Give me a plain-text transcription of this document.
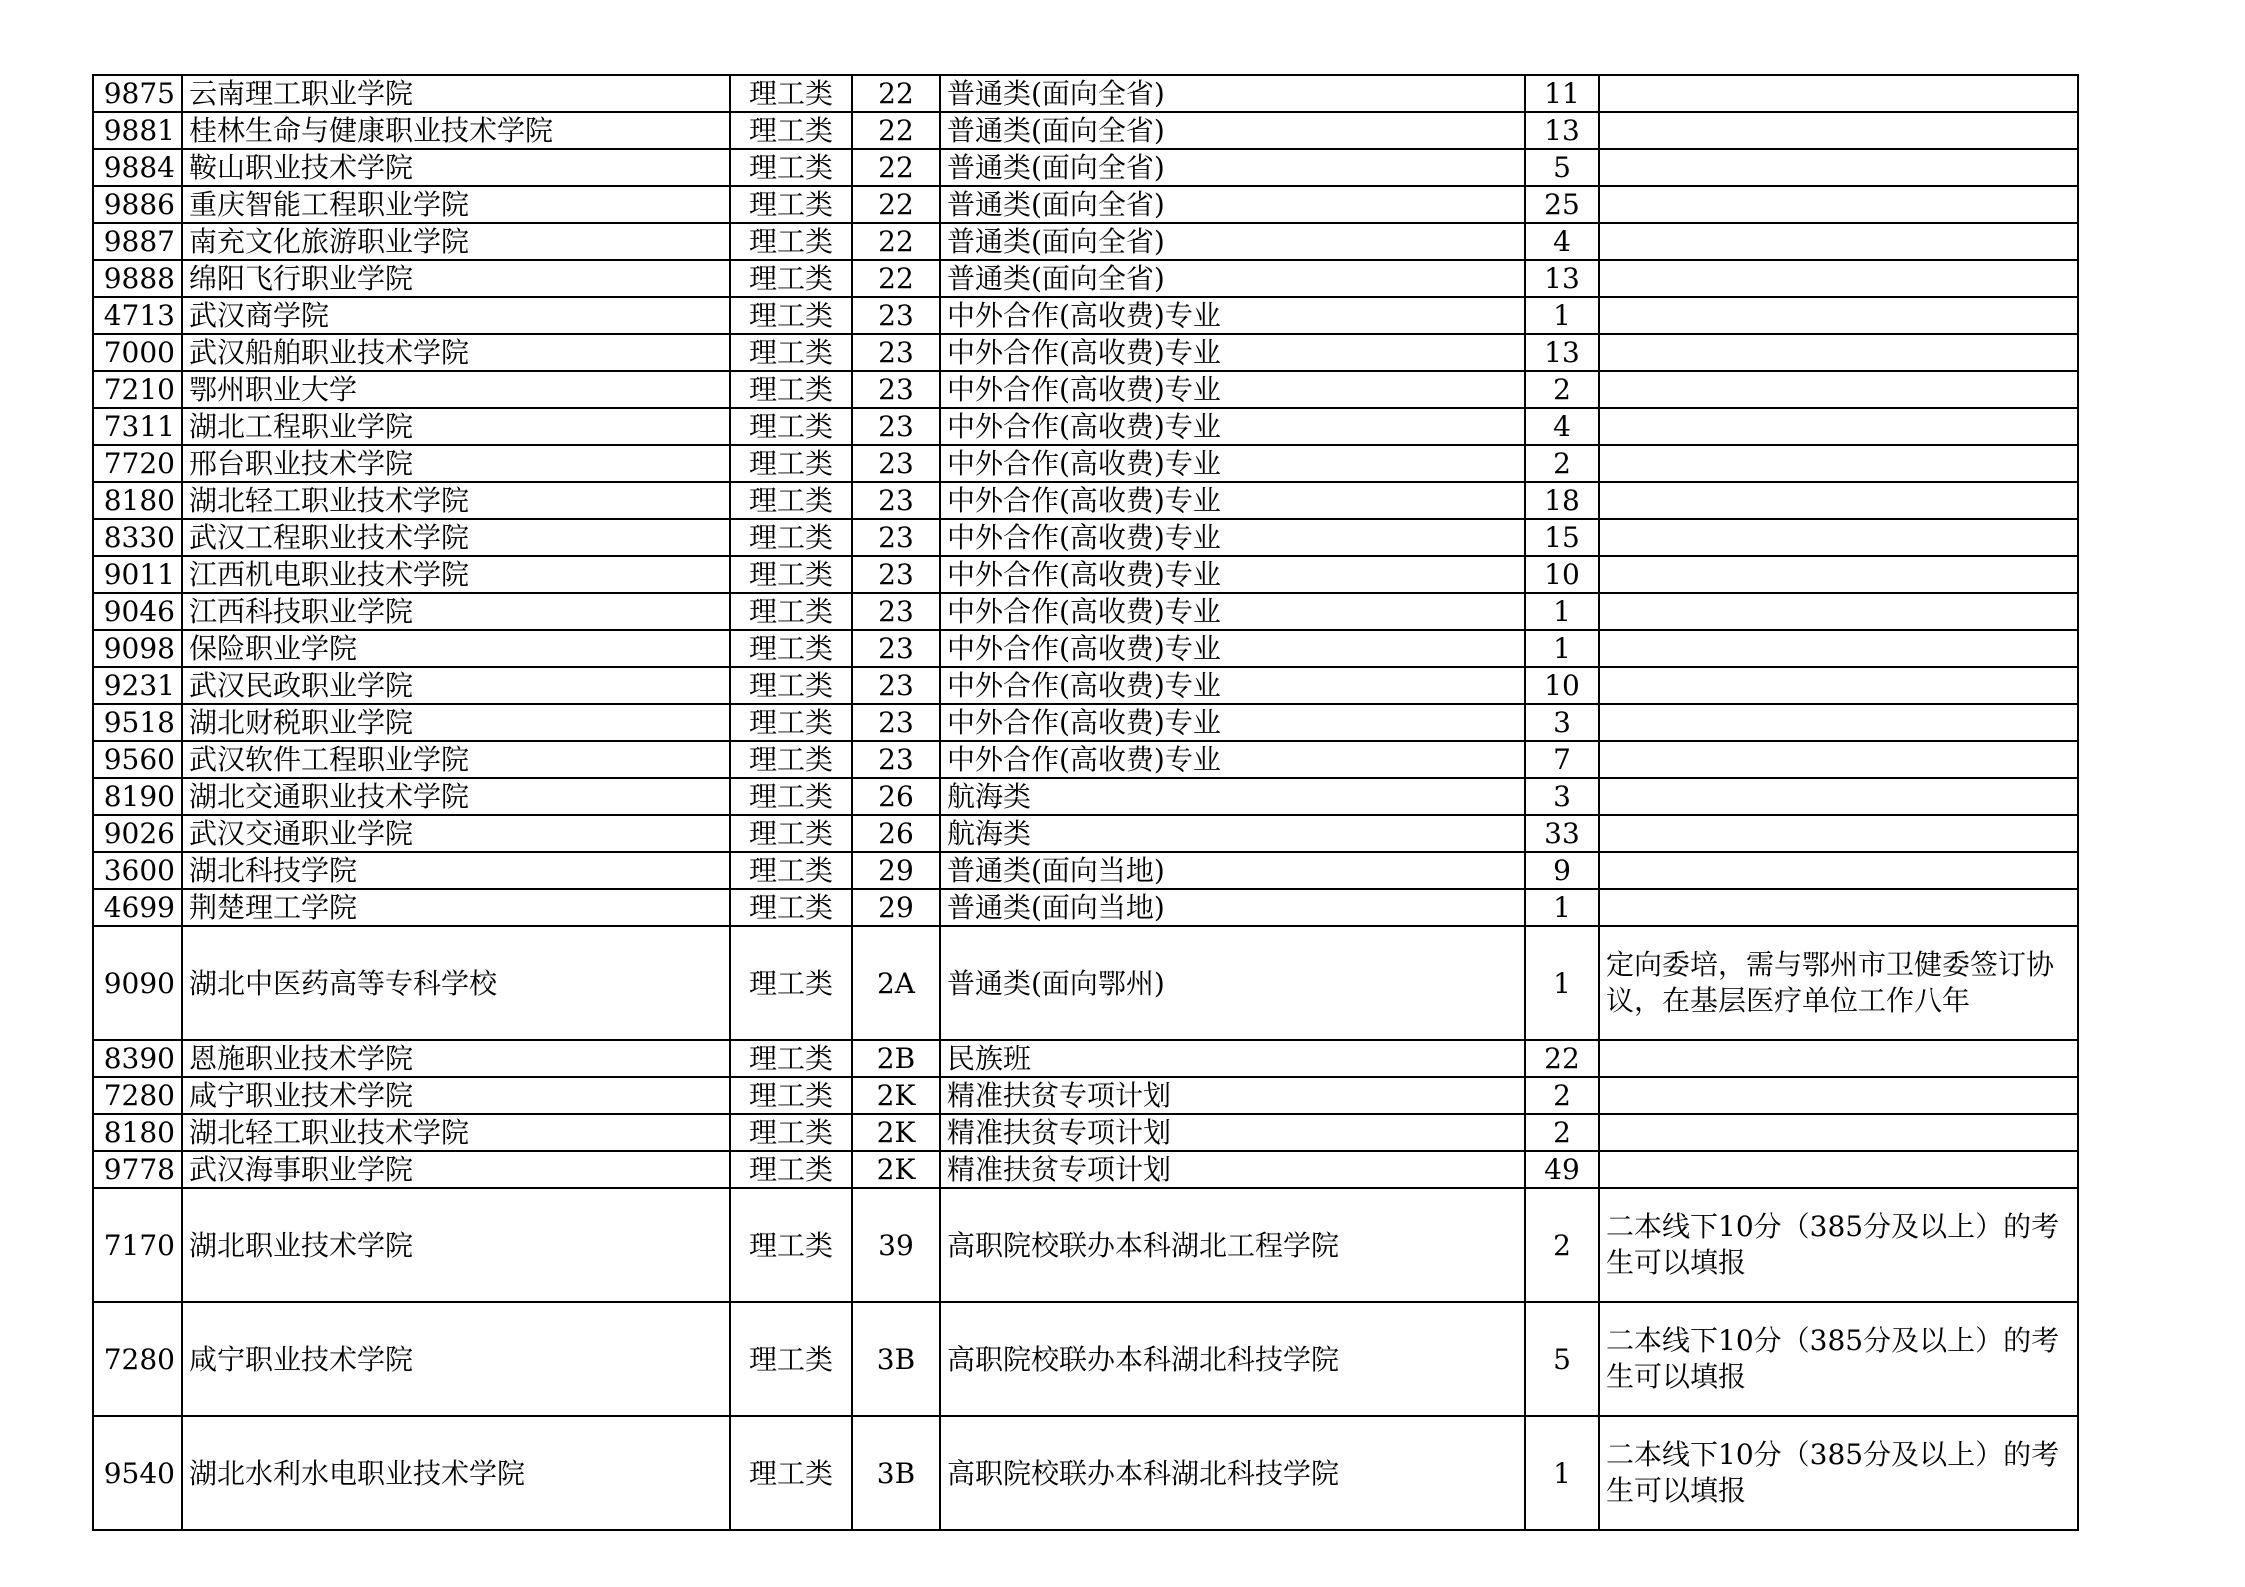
9875	云南理工职业学院	理工类	22	普通类(面向全省)	11	
9881	桂林生命与健康职业技术学院	理工类	22	普通类(面向全省)	13	
9884	鞍山职业技术学院	理工类	22	普通类(面向全省)	5	
9886	重庆智能工程职业学院	理工类	22	普通类(面向全省)	25	
9887	南充文化旅游职业学院	理工类	22	普通类(面向全省)	4	
9888	绵阳飞行职业学院	理工类	22	普通类(面向全省)	13	
4713	武汉商学院	理工类	23	中外合作(高收费)专业	1	
7000	武汉船舶职业技术学院	理工类	23	中外合作(高收费)专业	13	
7210	鄂州职业大学	理工类	23	中外合作(高收费)专业	2	
7311	湖北工程职业学院	理工类	23	中外合作(高收费)专业	4	
7720	邢台职业技术学院	理工类	23	中外合作(高收费)专业	2	
8180	湖北轻工职业技术学院	理工类	23	中外合作(高收费)专业	18	
8330	武汉工程职业技术学院	理工类	23	中外合作(高收费)专业	15	
9011	江西机电职业技术学院	理工类	23	中外合作(高收费)专业	10	
9046	江西科技职业学院	理工类	23	中外合作(高收费)专业	1	
9098	保险职业学院	理工类	23	中外合作(高收费)专业	1	
9231	武汉民政职业学院	理工类	23	中外合作(高收费)专业	10	
9518	湖北财税职业学院	理工类	23	中外合作(高收费)专业	3	
9560	武汉软件工程职业学院	理工类	23	中外合作(高收费)专业	7	
8190	湖北交通职业技术学院	理工类	26	航海类	3	
9026	武汉交通职业学院	理工类	26	航海类	33	
3600	湖北科技学院	理工类	29	普通类(面向当地)	9	
4699	荆楚理工学院	理工类	29	普通类(面向当地)	1	
9090	湖北中医药高等专科学校	理工类	2A	普通类(面向鄂州)	1	定向委培，需与鄂州市卫健委签订协议，在基层医疗单位工作八年
8390	恩施职业技术学院	理工类	2B	民族班	22	
7280	咸宁职业技术学院	理工类	2K	精准扶贫专项计划	2	
8180	湖北轻工职业技术学院	理工类	2K	精准扶贫专项计划	2	
9778	武汉海事职业学院	理工类	2K	精准扶贫专项计划	49	
7170	湖北职业技术学院	理工类	39	高职院校联办本科湖北工程学院	2	二本线下10分（385分及以上）的考生可以填报
7280	咸宁职业技术学院	理工类	3B	高职院校联办本科湖北科技学院	5	二本线下10分（385分及以上）的考生可以填报
9540	湖北水利水电职业技术学院	理工类	3B	高职院校联办本科湖北科技学院	1	二本线下10分（385分及以上）的考生可以填报
